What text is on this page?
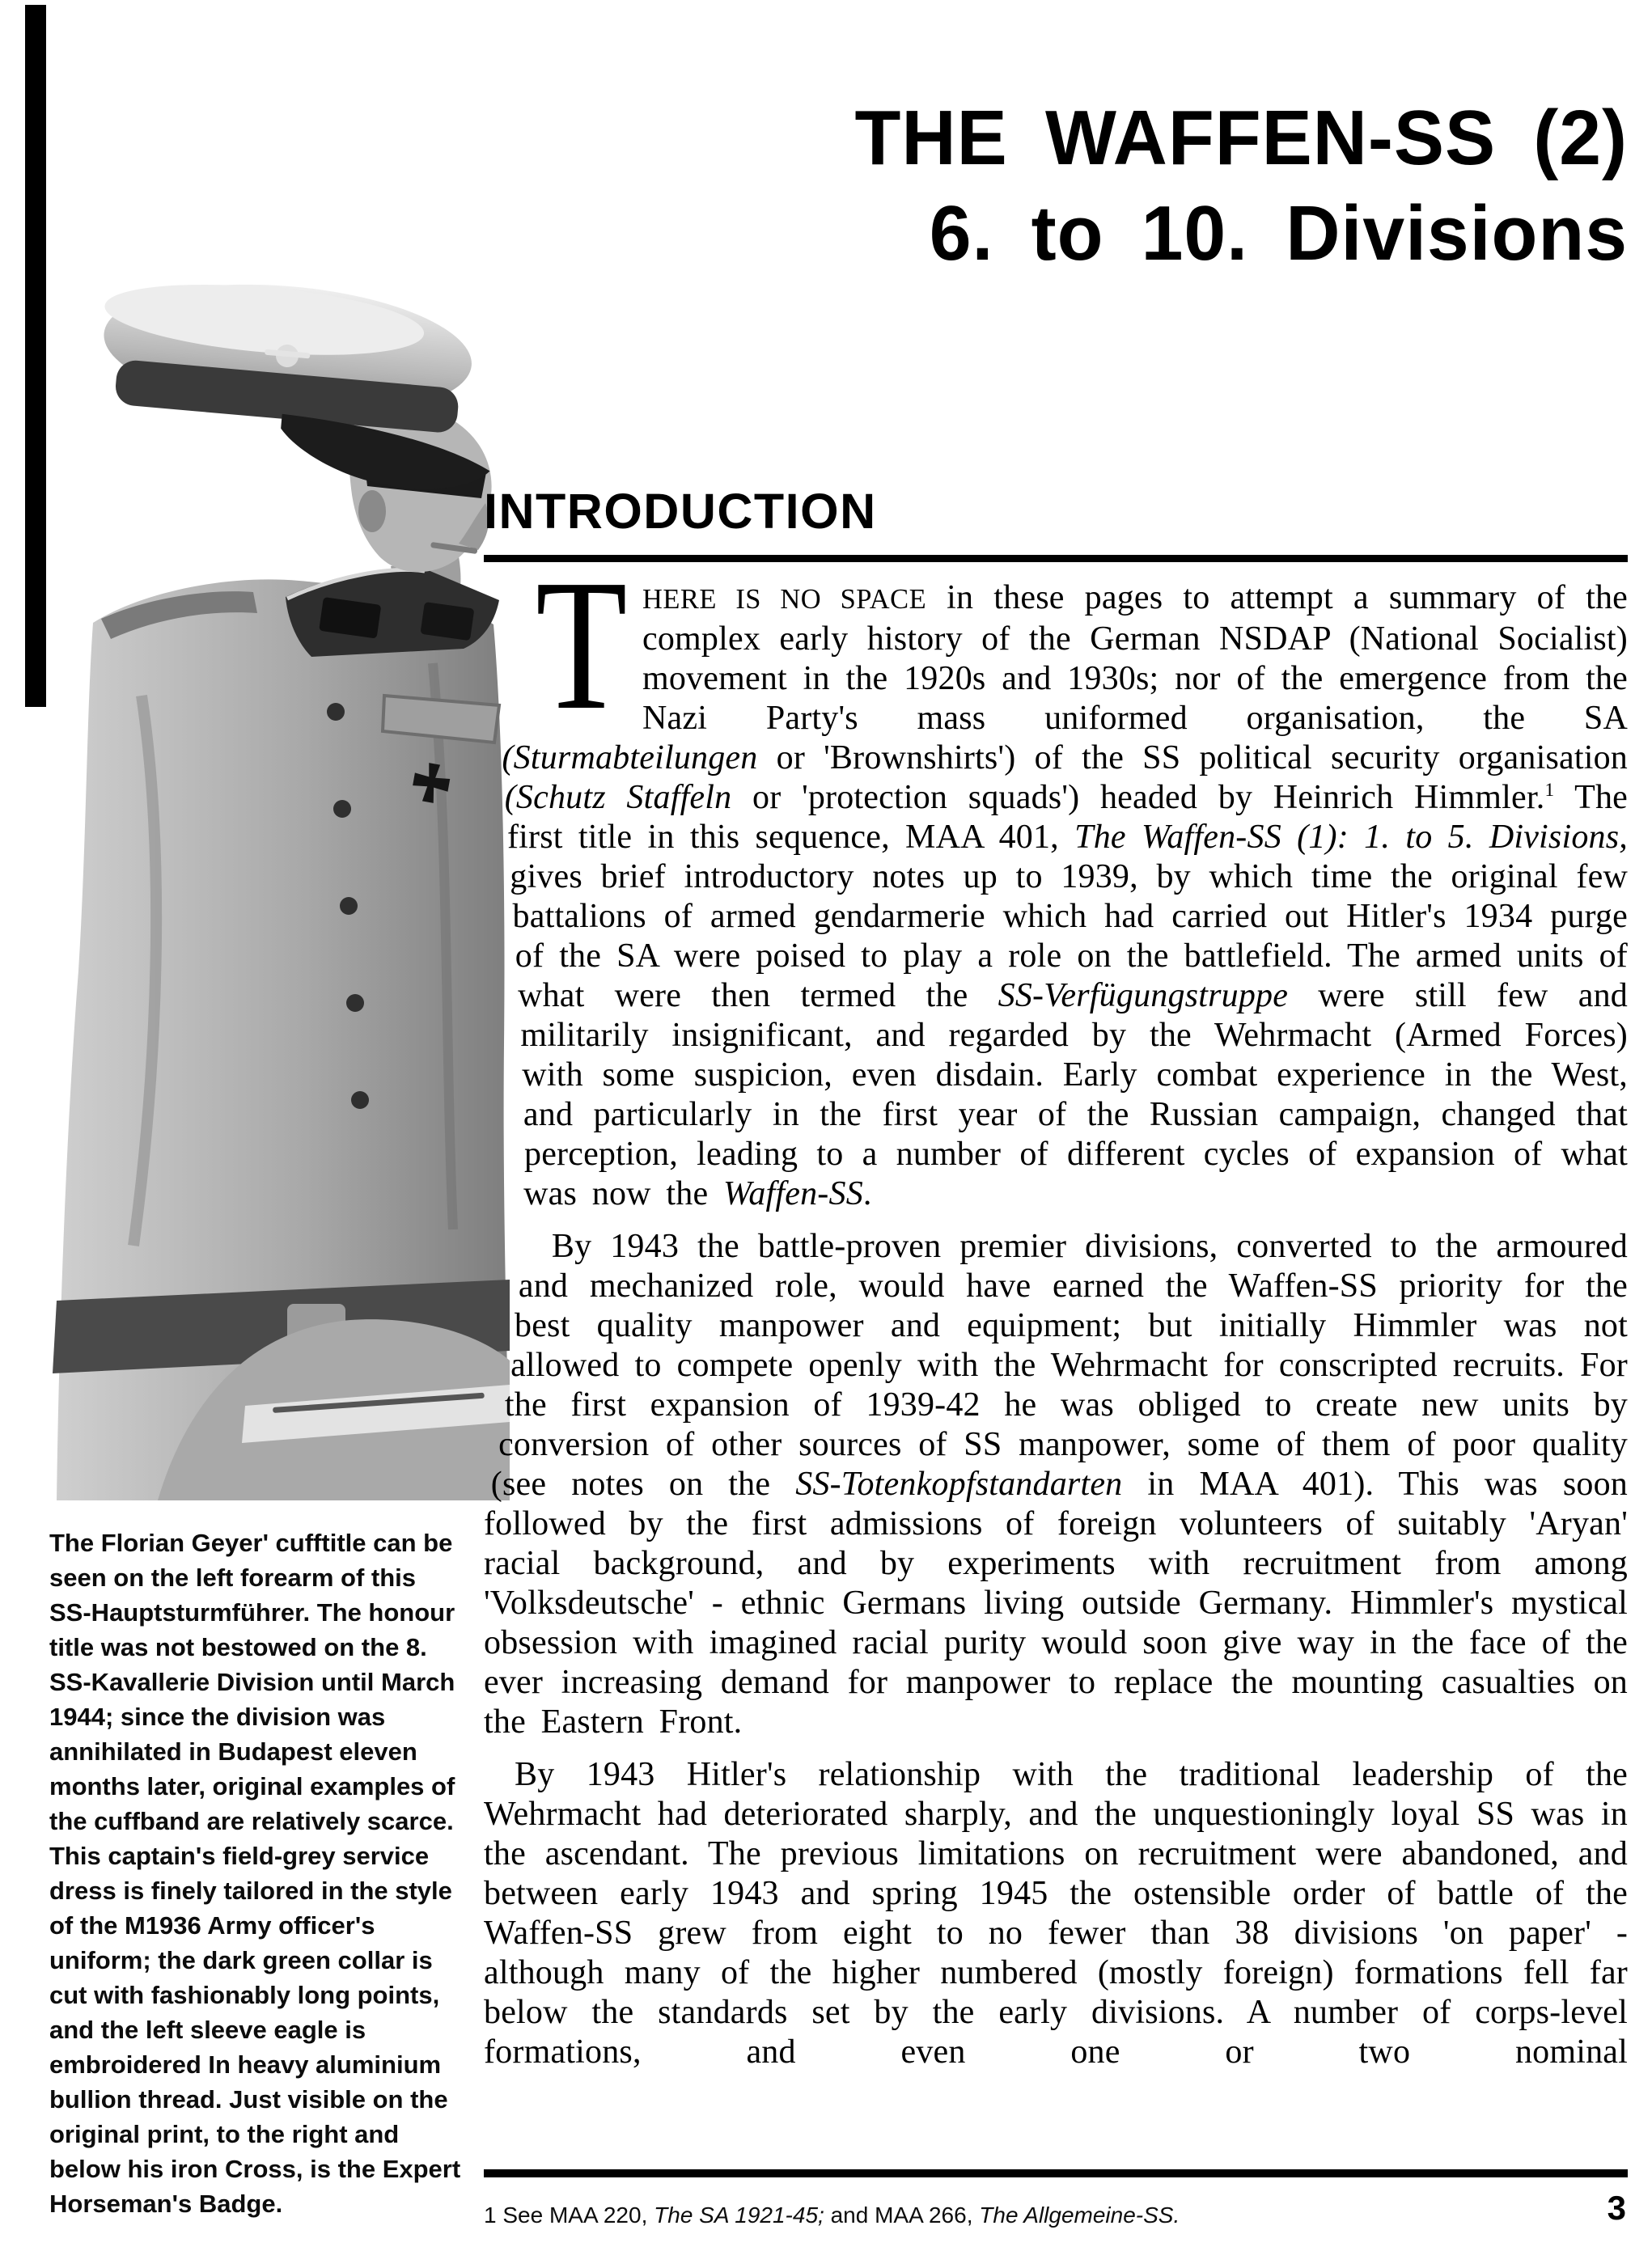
THE WAFFEN-SS (2)
6. to 10. Divisions
The Florian Geyer' cufftitle can be seen on the left forearm of this SS-Hauptsturmführer. The honour title was not bestowed on the 8. SS-Kavallerie Division until March 1944; since the division was annihilated in Budapest eleven months later, original examples of the cuffband are relatively scarce. This captain's field-grey service dress is finely tailored in the style of the M1936 Army officer's uniform; the dark green collar is cut with fashionably long points, and the left sleeve eagle is embroidered In heavy aluminium bullion thread. Just visible on the original print, to the right and below his iron Cross, is the Expert Horseman's Badge.
INTRODUCTION

THERE IS NO SPACE in these pages to attempt a summary of the complex early history of the German NSDAP (National Socialist) movement in the 1920s and 1930s; nor of the emergence from the Nazi Party's mass uniformed organisation, the SA (Sturmabteilungen or 'Brownshirts') of the SS political security organisation (Schutz Staffeln or 'protection squads') headed by Heinrich Himmler.$^1$ The first title in this sequence, MAA 401, The Waffen-SS (1): 1. to 5. Divisions, gives brief introductory notes up to 1939, by which time the original few battalions of armed gendarmerie which had carried out Hitler's 1934 purge of the SA were poised to play a role on the battlefield. The armed units of what were then termed the SS-Verfügungstruppe were still few and militarily insignificant, and regarded by the Wehrmacht (Armed Forces) with some suspicion, even disdain. Early combat experience in the West, and particularly in the first year of the Russian campaign, changed that perception, leading to a number of different cycles of expansion of what was now the Waffen-SS.

By 1943 the battle-proven premier divisions, converted to the armoured and mechanized role, would have earned the Waffen-SS priority for the best quality manpower and equipment; but initially Himmler was not allowed to compete openly with the Wehrmacht for conscripted recruits. For the first expansion of 1939-42 he was obliged to create new units by conversion of other sources of SS manpower, some of them of poor quality (see notes on the SS-Totenkopfstandarten in MAA 401). This was soon followed by the first admissions of foreign volunteers of suitably 'Aryan' racial background, and by experiments with recruitment from among 'Volksdeutsche' - ethnic Germans living outside Germany. Himmler's mystical obsession with imagined racial purity would soon give way in the face of the ever increasing demand for manpower to replace the mounting casualties on the Eastern Front.

By 1943 Hitler's relationship with the traditional leadership of the Wehrmacht had deteriorated sharply, and the unquestioningly loyal SS was in the ascendant. The previous limitations on recruitment were abandoned, and between early 1943 and spring 1945 the ostensible order of battle of the Waffen-SS grew from eight to no fewer than 38 divisions 'on paper' - although many of the higher numbered (mostly foreign) formations fell far below the standards set by the early divisions. A number of corps-level formations, and even one or two nominal

1 See MAA 220, The SA 1921-45; and MAA 266, The Allgemeine-SS.	3
